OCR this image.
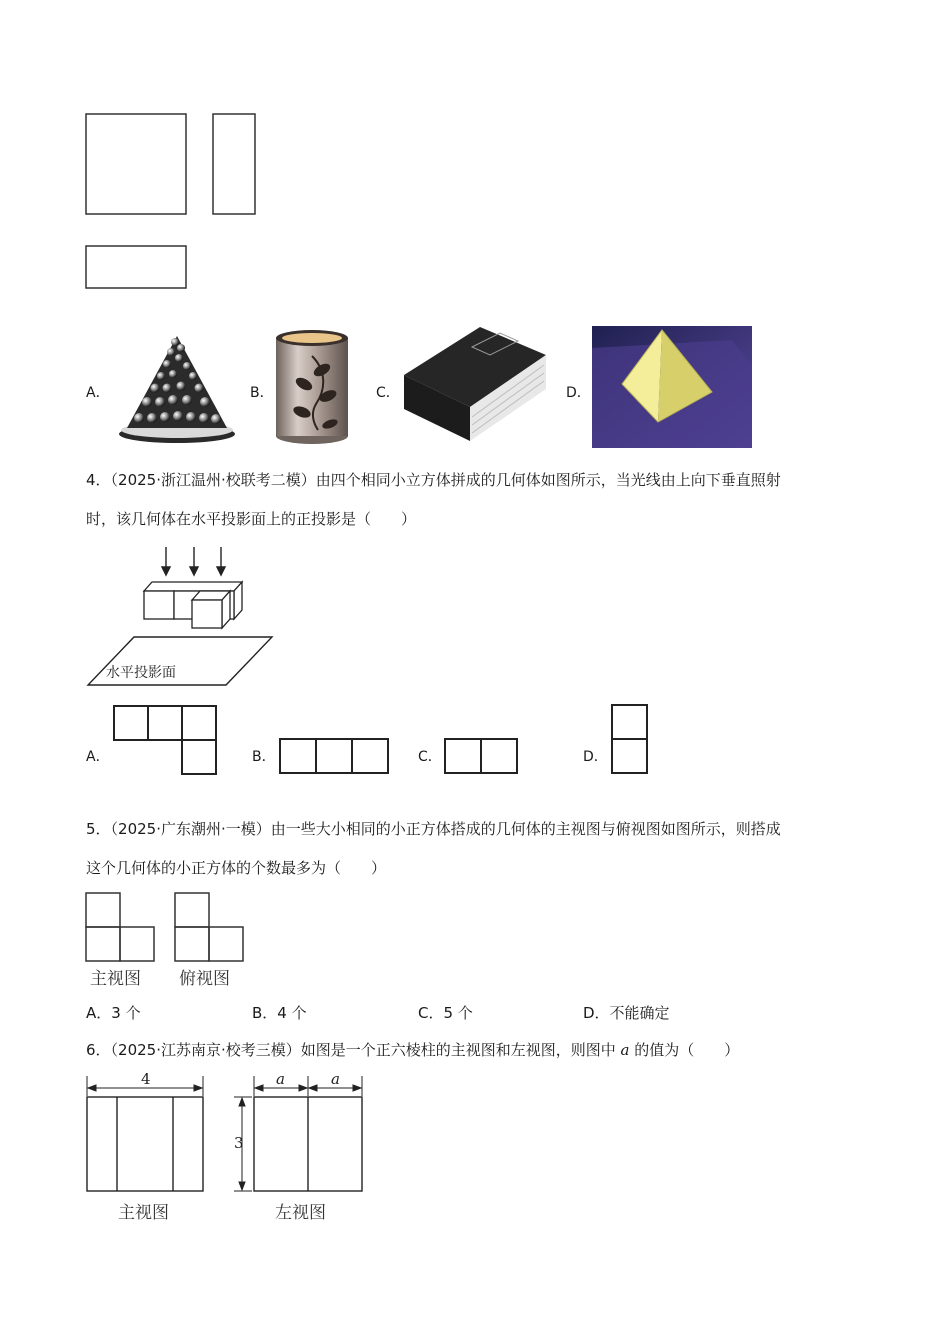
A．	B．	C．	D．
4．（2025·浙江温州·校联考二模）由四个相同小立方体拼成的几何体如图所示，当光线由上向下垂直照射
时，该几何体在水平投影面上的正投影是（　　）
水平投影面
A．	B．	C．	D．
5．（2025·广东潮州·一模）由一些大小相同的小正方体搭成的几何体的主视图与俯视图如图所示，则搭成
这个几何体的小正方体的个数最多为（　　）
主视图 俯视图
A．3 个	B．4 个	C．5 个	D．不能确定
6．（2025·江苏南京·校考三模）如图是一个正六棱柱的主视图和左视图，则图中 a 的值为（　　）
4
主视图
a	a
3
左视图
